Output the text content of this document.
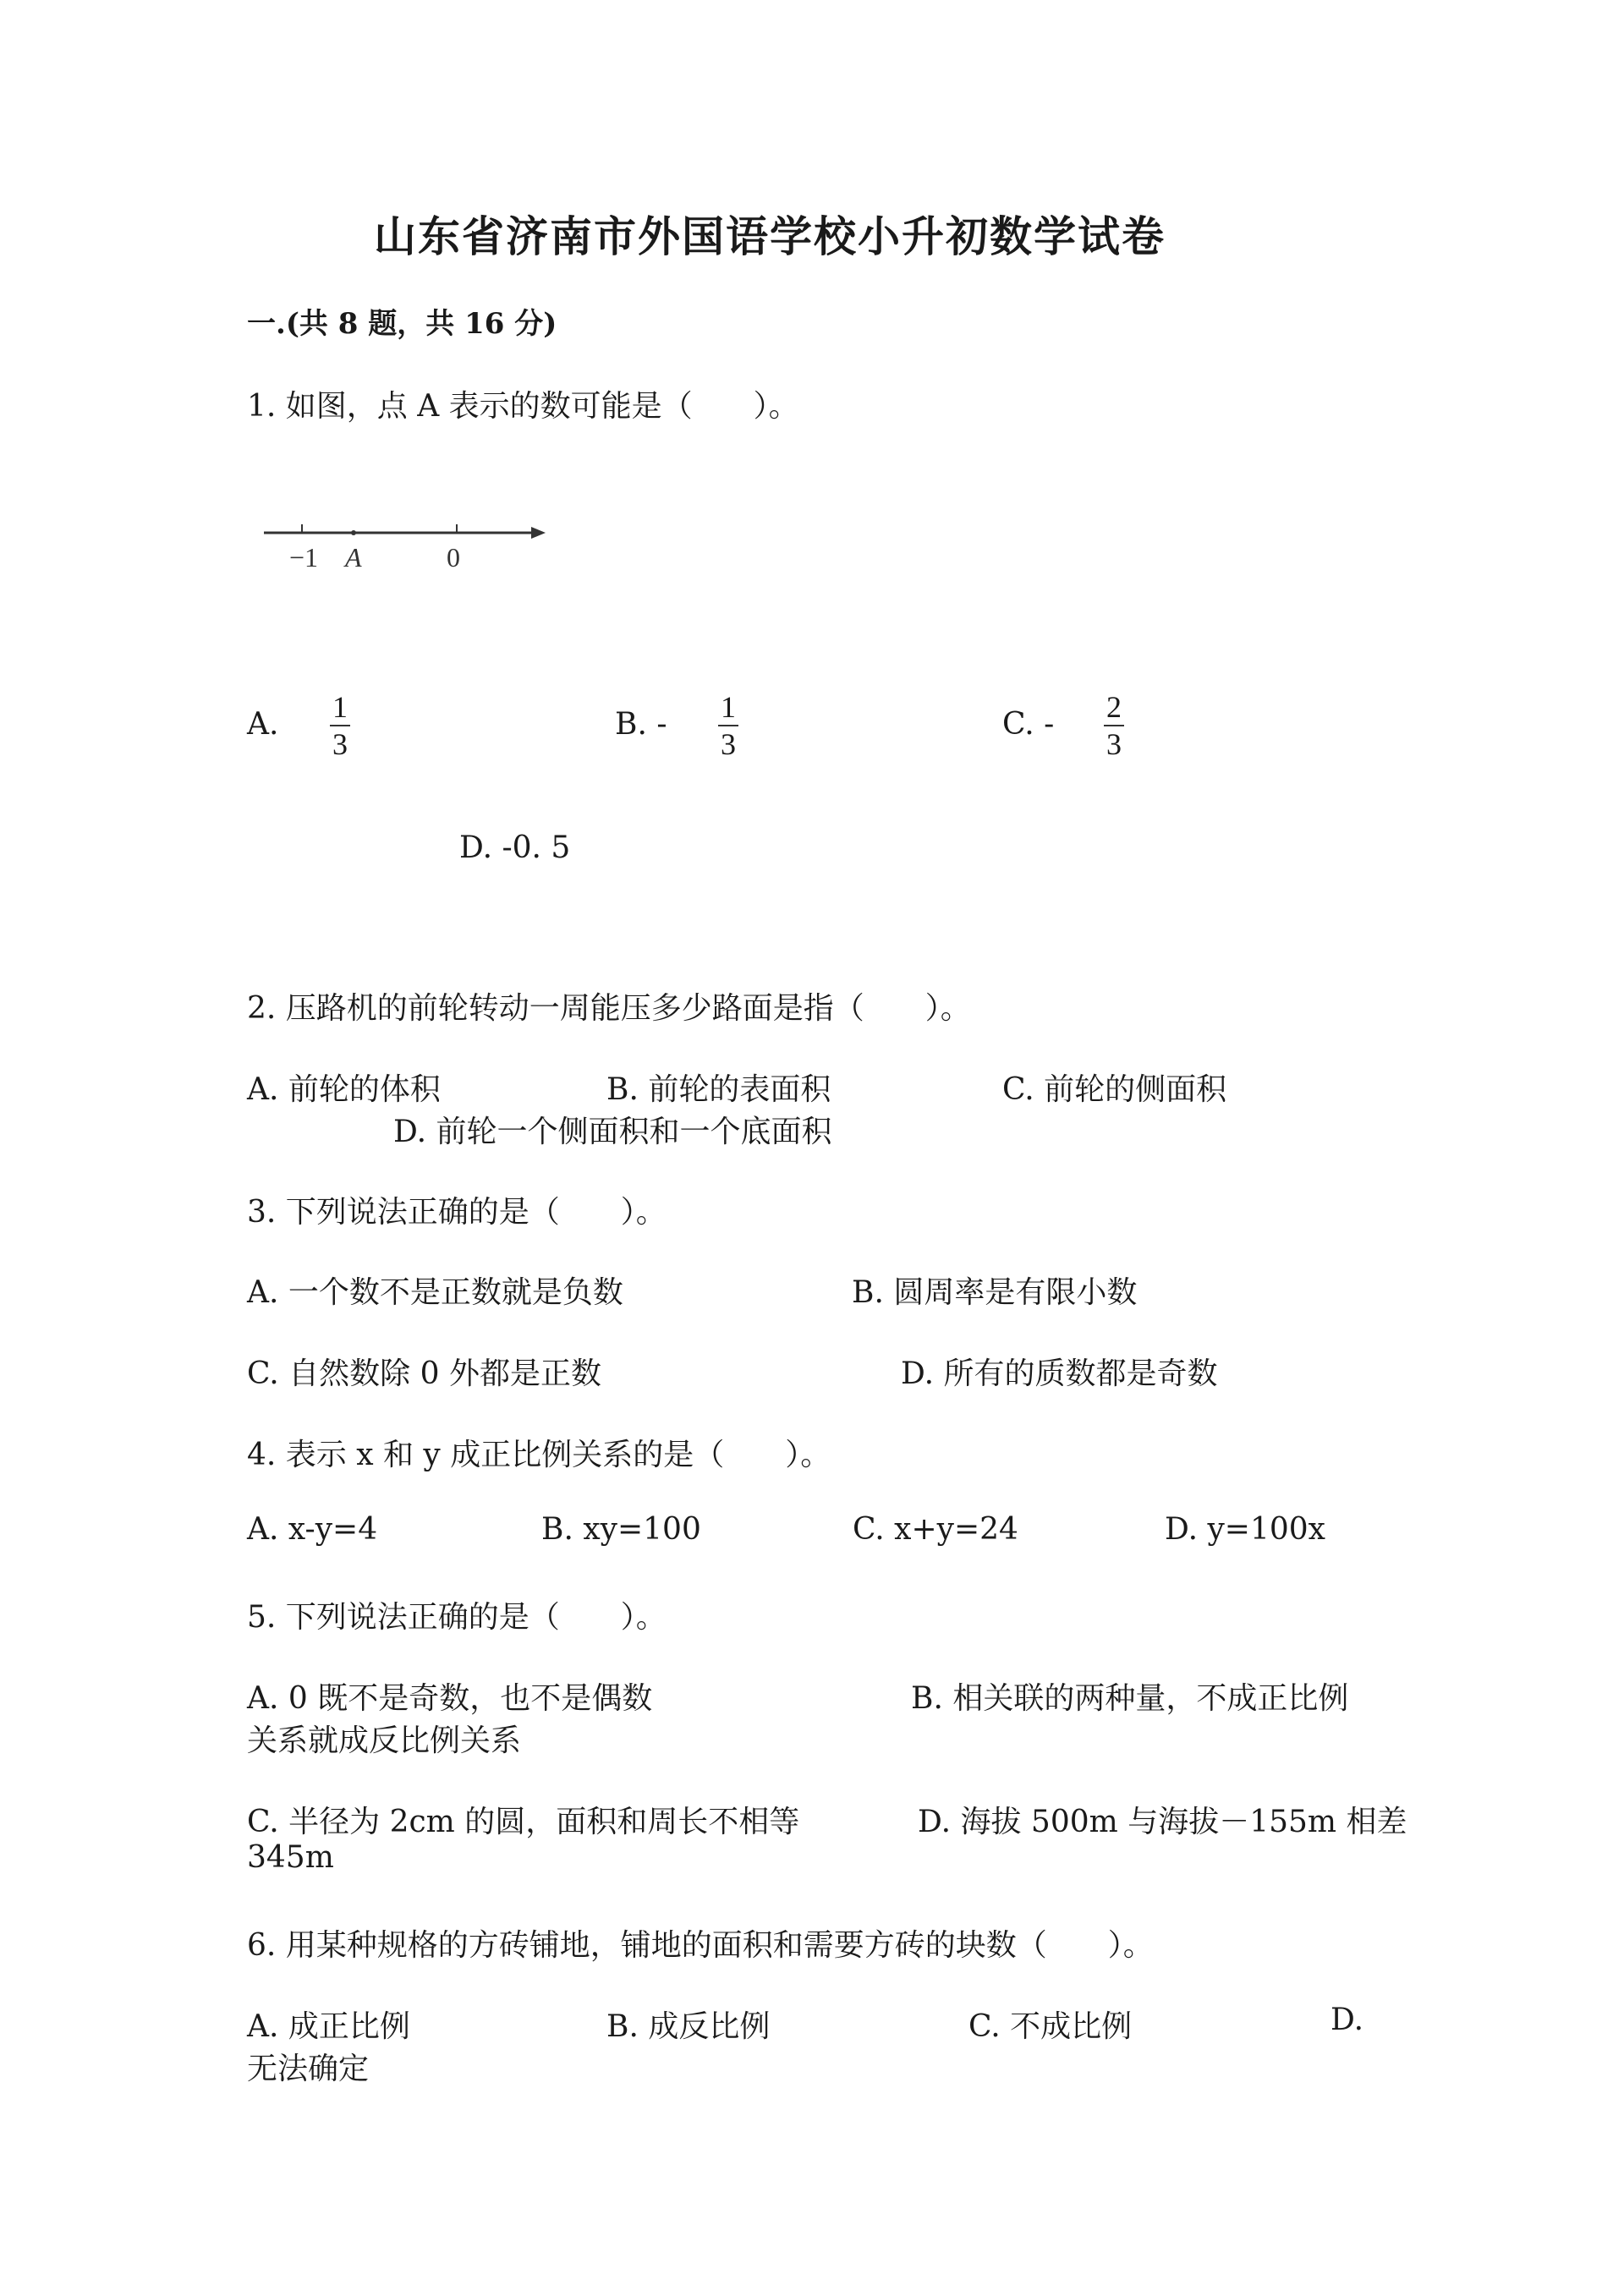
山东省济南市外国语学校小升初数学试卷
一.(共 8 题，共 16 分)
1. 如图，点 A 表示的数可能是（　　）。
−1 A	0
A. 1
3
B. - 1
3
C. - 2
3
D. -0. 5
2. 压路机的前轮转动一周能压多少路面是指（　　）。
A. 前轮的体积	B. 前轮的表面积	C. 前轮的侧面积
D. 前轮一个侧面积和一个底面积
3. 下列说法正确的是（　　）。
A. 一个数不是正数就是负数	B. 圆周率是有限小数
C. 自然数除 0 外都是正数	D. 所有的质数都是奇数
4. 表示 x 和 y 成正比例关系的是（　　）。
A. x-y=4	B. xy=100	C. x+y=24	D. y=100x
5. 下列说法正确的是（　　）。
A. 0 既不是奇数，也不是偶数	B. 相关联的两种量，不成正比例
关系就成反比例关系
C. 半径为 2cm 的圆，面积和周长不相等	D. 海拔 500m 与海拔－155m 相差
345m
6. 用某种规格的方砖铺地，铺地的面积和需要方砖的块数（　　）。
A. 成正比例	B. 成反比例	C. 不成比例	D.
无法确定
